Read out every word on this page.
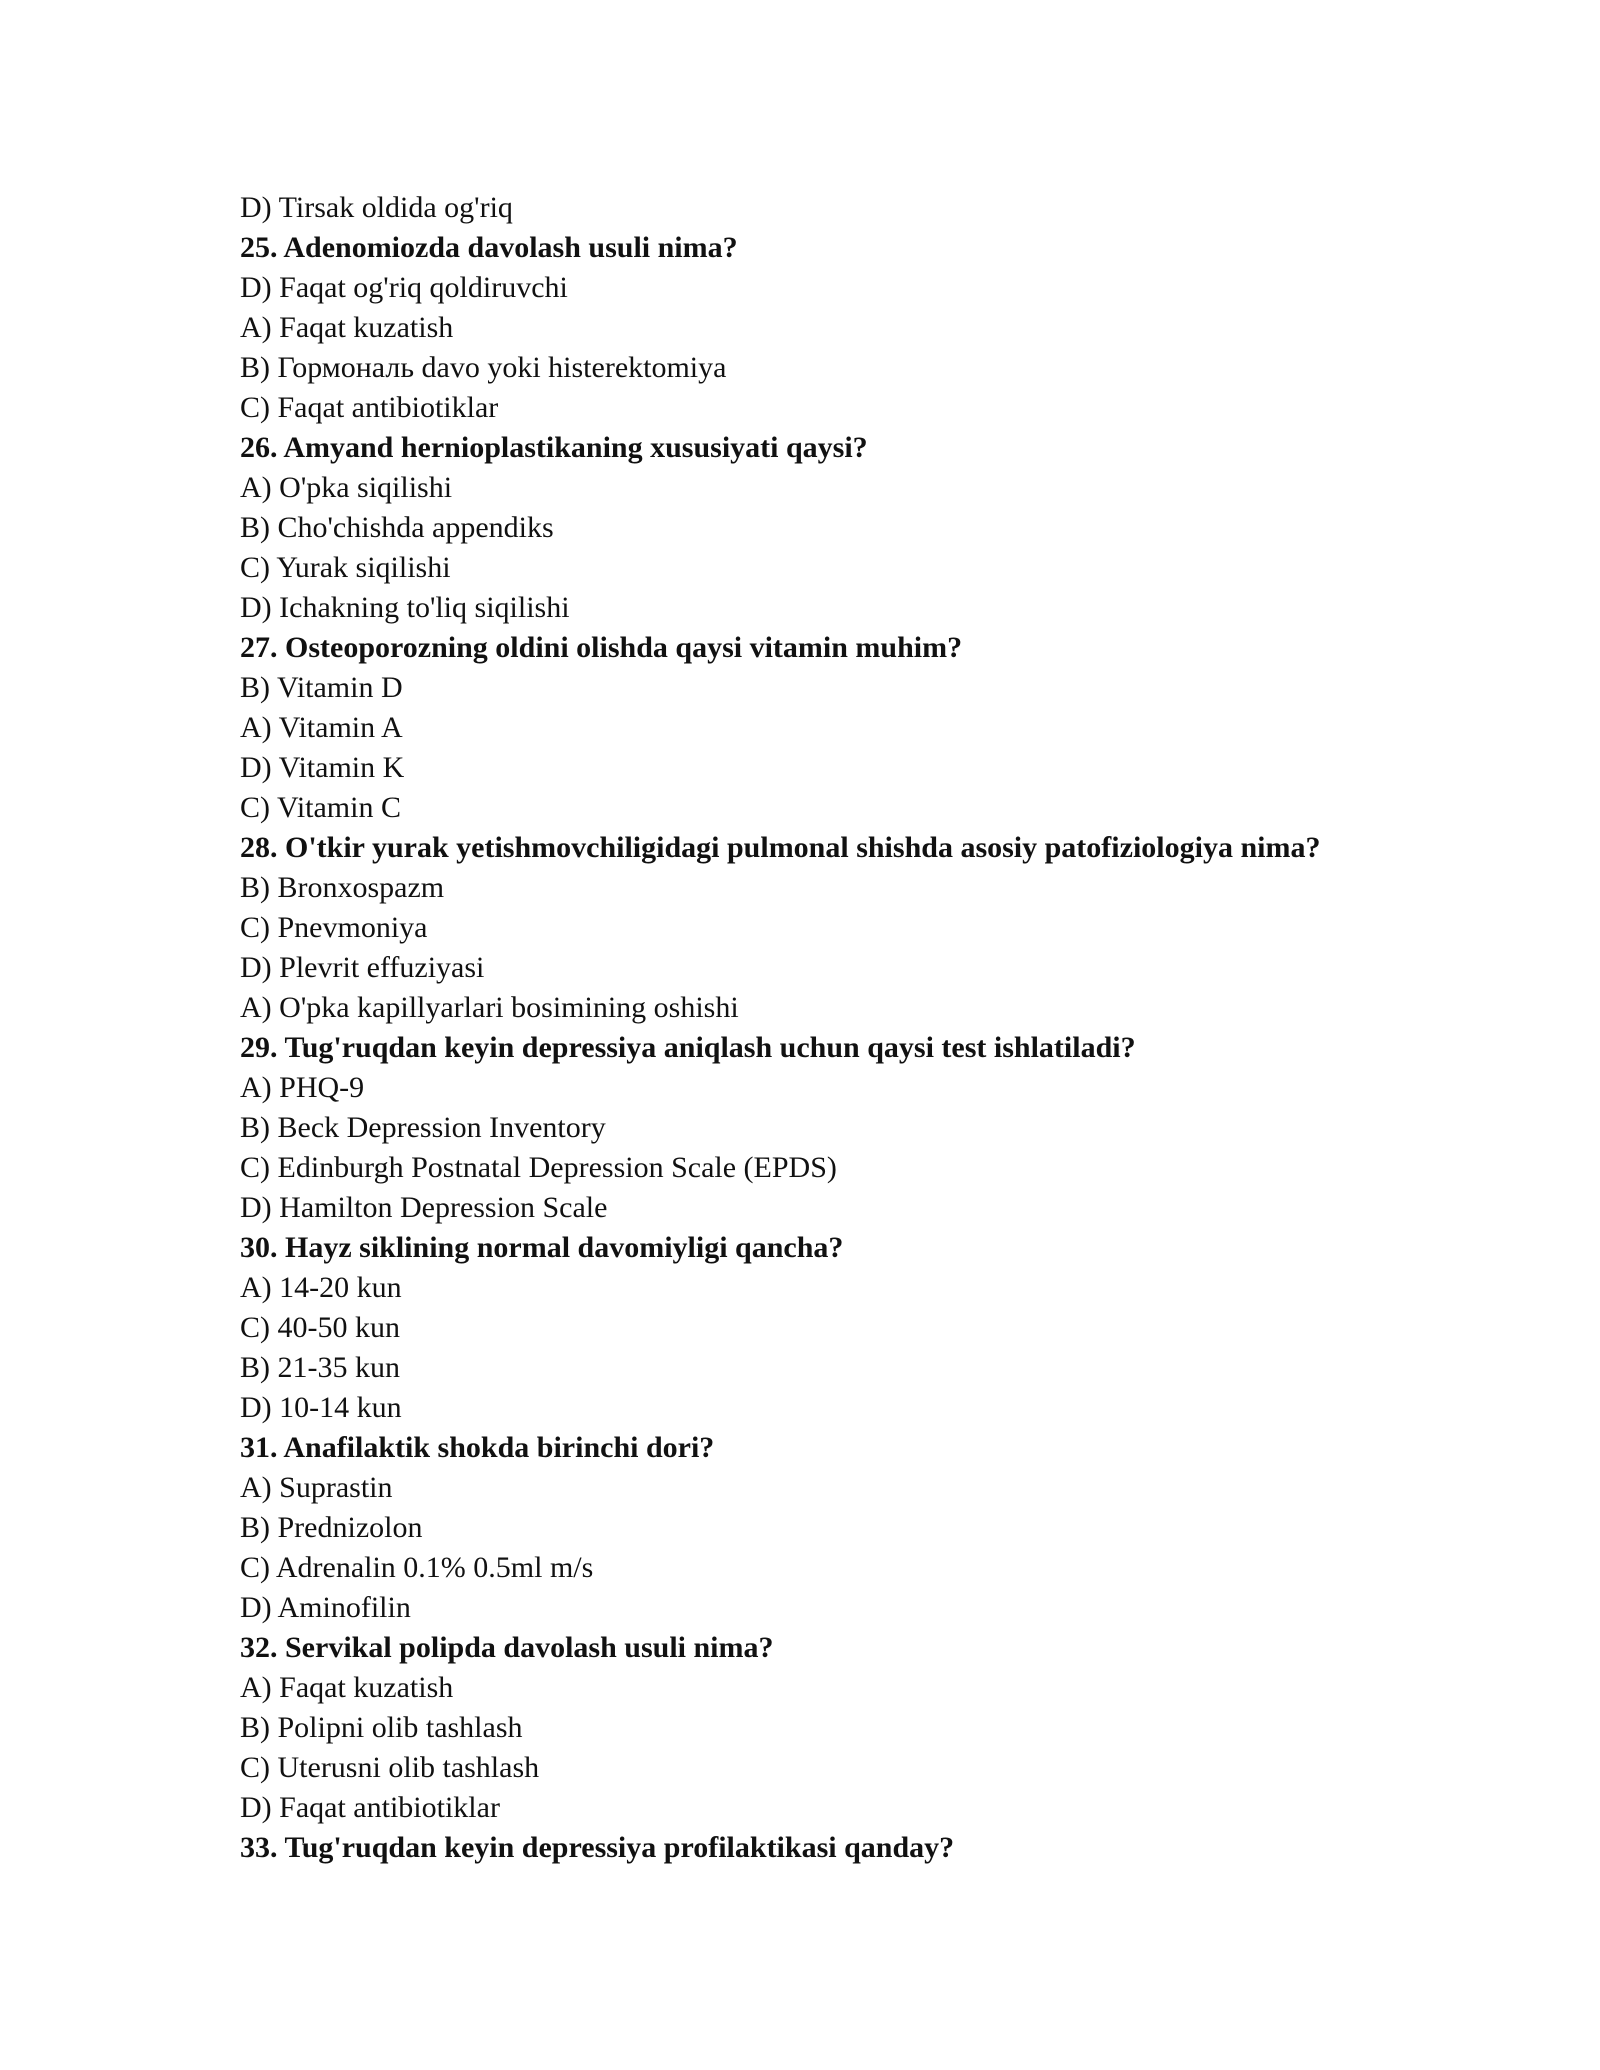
D) Tirsak oldida og'riq
25. Adenomiozda davolash usuli nima?
D) Faqat og'riq qoldiruvchi
A) Faqat kuzatish
B) Гормональ davo yoki histerektomiya
C) Faqat antibiotiklar
26. Amyand hernioplastikaning xususiyati qaysi?
A) O'pka siqilishi
B) Cho'chishda appendiks
C) Yurak siqilishi
D) Ichakning to'liq siqilishi
27. Osteoporozning oldini olishda qaysi vitamin muhim?
B) Vitamin D
A) Vitamin A
D) Vitamin K
C) Vitamin C
28. O'tkir yurak yetishmovchiligidagi pulmonal shishda asosiy patofiziologiya nima?
B) Bronxospazm
C) Pnevmoniya
D) Plevrit effuziyasi
A) O'pka kapillyarlari bosimining oshishi
29. Tug'ruqdan keyin depressiya aniqlash uchun qaysi test ishlatiladi?
A) PHQ-9
B) Beck Depression Inventory
C) Edinburgh Postnatal Depression Scale (EPDS)
D) Hamilton Depression Scale
30. Hayz siklining normal davomiyligi qancha?
A) 14-20 kun
C) 40-50 kun
B) 21-35 kun
D) 10-14 kun
31. Anafilaktik shokda birinchi dori?
A) Suprastin
B) Prednizolon
C) Adrenalin 0.1% 0.5ml m/s
D) Aminofilin
32. Servikal polipda davolash usuli nima?
A) Faqat kuzatish
B) Polipni olib tashlash
C) Uterusni olib tashlash
D) Faqat antibiotiklar
33. Tug'ruqdan keyin depressiya profilaktikasi qanday?
